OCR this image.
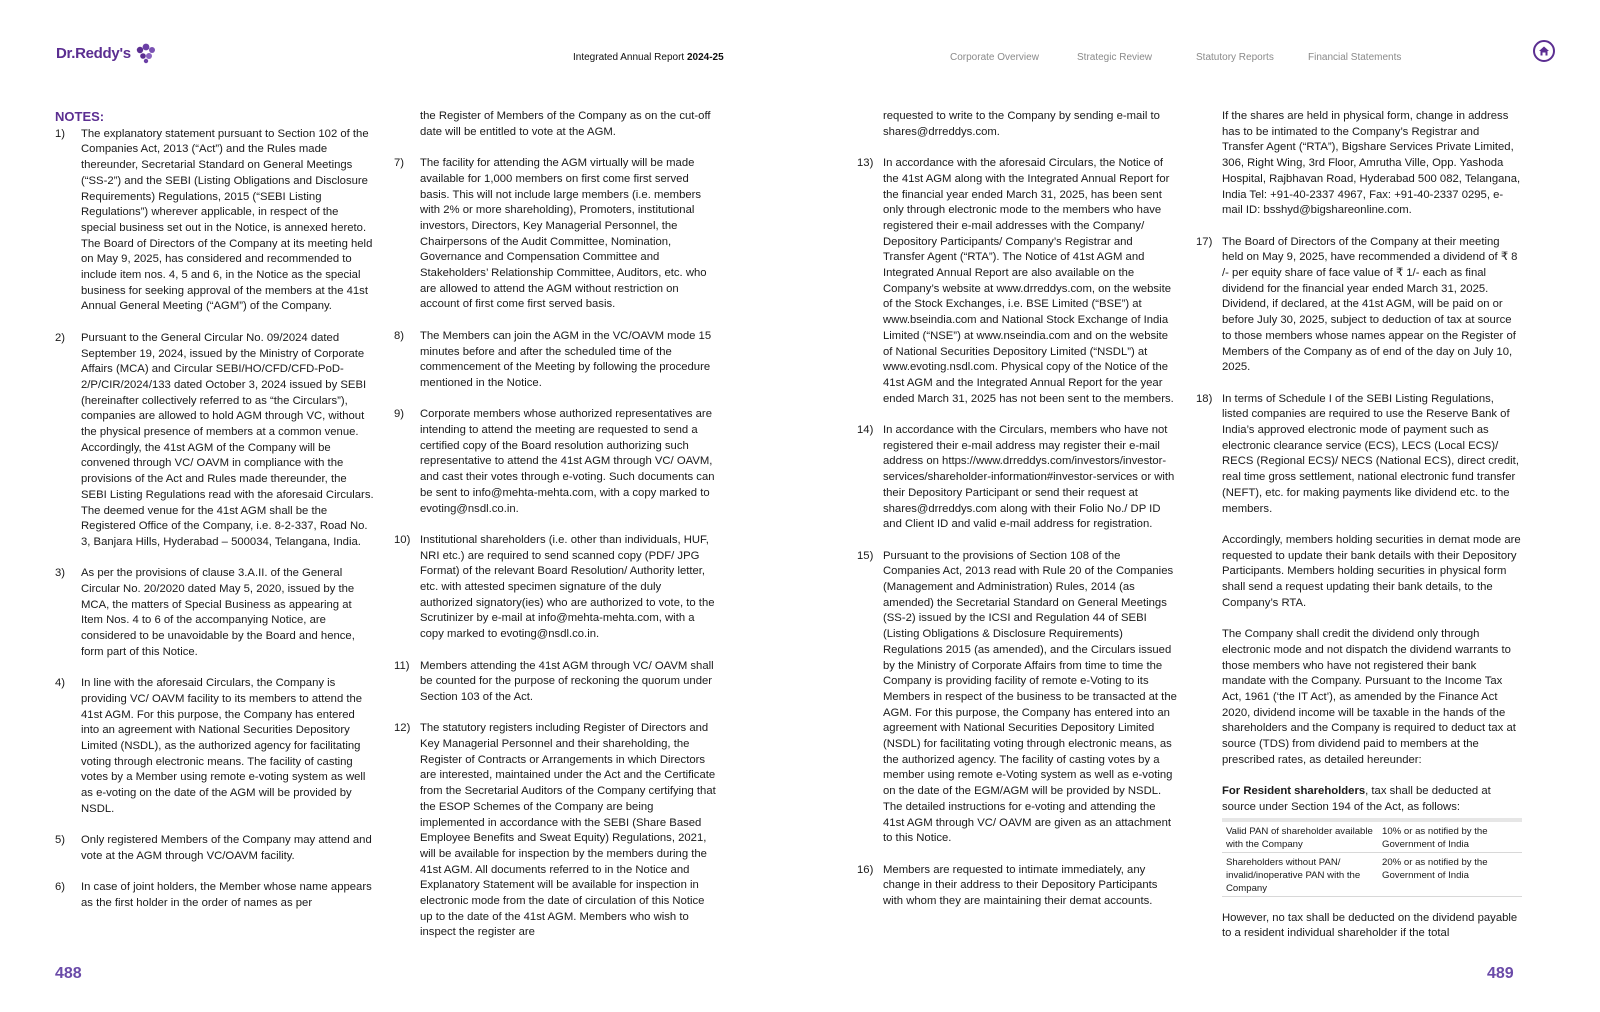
Dr.Reddy's	Integrated Annual Report 2024-25	Corporate Overview	Strategic Review	Statutory Reports	Financial Statements
NOTES:
1) The explanatory statement pursuant to Section 102 of the Companies Act, 2013 (“Act”) and the Rules made thereunder, Secretarial Standard on General Meetings (“SS-2”) and the SEBI (Listing Obligations and Disclosure Requirements) Regulations, 2015 (“SEBI Listing Regulations”) wherever applicable, in respect of the special business set out in the Notice, is annexed hereto. The Board of Directors of the Company at its meeting held on May 9, 2025, has considered and recommended to include item nos. 4, 5 and 6, in the Notice as the special business for seeking approval of the members at the 41st Annual General Meeting (“AGM”) of the Company.
2) Pursuant to the General Circular No. 09/2024 dated September 19, 2024, issued by the Ministry of Corporate Affairs (MCA) and Circular SEBI/HO/CFD/CFD-PoD-2/P/CIR/2024/133 dated October 3, 2024 issued by SEBI (hereinafter collectively referred to as “the Circulars”), companies are allowed to hold AGM through VC, without the physical presence of members at a common venue. Accordingly, the 41st AGM of the Company will be convened through VC/ OAVM in compliance with the provisions of the Act and Rules made thereunder, the SEBI Listing Regulations read with the aforesaid Circulars. The deemed venue for the 41st AGM shall be the Registered Office of the Company, i.e. 8-2-337, Road No. 3, Banjara Hills, Hyderabad – 500034, Telangana, India.
3) As per the provisions of clause 3.A.II. of the General Circular No. 20/2020 dated May 5, 2020, issued by the MCA, the matters of Special Business as appearing at Item Nos. 4 to 6 of the accompanying Notice, are considered to be unavoidable by the Board and hence, form part of this Notice.
4) In line with the aforesaid Circulars, the Company is providing VC/ OAVM facility to its members to attend the 41st AGM. For this purpose, the Company has entered into an agreement with National Securities Depository Limited (NSDL), as the authorized agency for facilitating voting through electronic means. The facility of casting votes by a Member using remote e-voting system as well as e-voting on the date of the AGM will be provided by NSDL.
5) Only registered Members of the Company may attend and vote at the AGM through VC/OAVM facility.
6) In case of joint holders, the Member whose name appears as the first holder in the order of names as per
the Register of Members of the Company as on the cut-off date will be entitled to vote at the AGM.
7) The facility for attending the AGM virtually will be made available for 1,000 members on first come first served basis. This will not include large members (i.e. members with 2% or more shareholding), Promoters, institutional investors, Directors, Key Managerial Personnel, the Chairpersons of the Audit Committee, Nomination, Governance and Compensation Committee and Stakeholders’ Relationship Committee, Auditors, etc. who are allowed to attend the AGM without restriction on account of first come first served basis.
8) The Members can join the AGM in the VC/OAVM mode 15 minutes before and after the scheduled time of the commencement of the Meeting by following the procedure mentioned in the Notice.
9) Corporate members whose authorized representatives are intending to attend the meeting are requested to send a certified copy of the Board resolution authorizing such representative to attend the 41st AGM through VC/ OAVM, and cast their votes through e-voting. Such documents can be sent to info@mehta-mehta.com, with a copy marked to evoting@nsdl.co.in.
10) Institutional shareholders (i.e. other than individuals, HUF, NRI etc.) are required to send scanned copy (PDF/ JPG Format) of the relevant Board Resolution/ Authority letter, etc. with attested specimen signature of the duly authorized signatory(ies) who are authorized to vote, to the Scrutinizer by e-mail at info@mehta-mehta.com, with a copy marked to evoting@nsdl.co.in.
11) Members attending the 41st AGM through VC/ OAVM shall be counted for the purpose of reckoning the quorum under Section 103 of the Act.
12) The statutory registers including Register of Directors and Key Managerial Personnel and their shareholding, the Register of Contracts or Arrangements in which Directors are interested, maintained under the Act and the Certificate from the Secretarial Auditors of the Company certifying that the ESOP Schemes of the Company are being implemented in accordance with the SEBI (Share Based Employee Benefits and Sweat Equity) Regulations, 2021, will be available for inspection by the members during the 41st AGM. All documents referred to in the Notice and Explanatory Statement will be available for inspection in electronic mode from the date of circulation of this Notice up to the date of the 41st AGM. Members who wish to inspect the register are
requested to write to the Company by sending e-mail to shares@drreddys.com.
13) In accordance with the aforesaid Circulars, the Notice of the 41st AGM along with the Integrated Annual Report for the financial year ended March 31, 2025, has been sent only through electronic mode to the members who have registered their e-mail addresses with the Company/ Depository Participants/ Company’s Registrar and Transfer Agent (“RTA”). The Notice of 41st AGM and Integrated Annual Report are also available on the Company’s website at www.drreddys.com, on the website of the Stock Exchanges, i.e. BSE Limited (“BSE”) at www.bseindia.com and National Stock Exchange of India Limited (“NSE”) at www.nseindia.com and on the website of National Securities Depository Limited (“NSDL”) at www.evoting.nsdl.com. Physical copy of the Notice of the 41st AGM and the Integrated Annual Report for the year ended March 31, 2025 has not been sent to the members.
14) In accordance with the Circulars, members who have not registered their e-mail address may register their e-mail address on https://www.drreddys.com/investors/investor-services/shareholder-information#investor-services or with their Depository Participant or send their request at shares@drreddys.com along with their Folio No./ DP ID and Client ID and valid e-mail address for registration.
15) Pursuant to the provisions of Section 108 of the Companies Act, 2013 read with Rule 20 of the Companies (Management and Administration) Rules, 2014 (as amended) the Secretarial Standard on General Meetings (SS-2) issued by the ICSI and Regulation 44 of SEBI (Listing Obligations & Disclosure Requirements) Regulations 2015 (as amended), and the Circulars issued by the Ministry of Corporate Affairs from time to time the Company is providing facility of remote e-Voting to its Members in respect of the business to be transacted at the AGM. For this purpose, the Company has entered into an agreement with National Securities Depository Limited (NSDL) for facilitating voting through electronic means, as the authorized agency. The facility of casting votes by a member using remote e-Voting system as well as e-voting on the date of the EGM/AGM will be provided by NSDL. The detailed instructions for e-voting and attending the 41st AGM through VC/ OAVM are given as an attachment to this Notice.
16) Members are requested to intimate immediately, any change in their address to their Depository Participants with whom they are maintaining their demat accounts.
If the shares are held in physical form, change in address has to be intimated to the Company’s Registrar and Transfer Agent (“RTA”), Bigshare Services Private Limited, 306, Right Wing, 3rd Floor, Amrutha Ville, Opp. Yashoda Hospital, Rajbhavan Road, Hyderabad 500 082, Telangana, India Tel: +91-40-2337 4967, Fax: +91-40-2337 0295, e-mail ID: bsshyd@bigshareonline.com.
17) The Board of Directors of the Company at their meeting held on May 9, 2025, have recommended a dividend of ₹ 8 /- per equity share of face value of ₹ 1/- each as final dividend for the financial year ended March 31, 2025. Dividend, if declared, at the 41st AGM, will be paid on or before July 30, 2025, subject to deduction of tax at source to those members whose names appear on the Register of Members of the Company as of end of the day on July 10, 2025.
18) In terms of Schedule I of the SEBI Listing Regulations, listed companies are required to use the Reserve Bank of India’s approved electronic mode of payment such as electronic clearance service (ECS), LECS (Local ECS)/ RECS (Regional ECS)/ NECS (National ECS), direct credit, real time gross settlement, national electronic fund transfer (NEFT), etc. for making payments like dividend etc. to the members.
Accordingly, members holding securities in demat mode are requested to update their bank details with their Depository Participants. Members holding securities in physical form shall send a request updating their bank details, to the Company’s RTA.
The Company shall credit the dividend only through electronic mode and not dispatch the dividend warrants to those members who have not registered their bank mandate with the Company. Pursuant to the Income Tax Act, 1961 (‘the IT Act’), as amended by the Finance Act 2020, dividend income will be taxable in the hands of the shareholders and the Company is required to deduct tax at source (TDS) from dividend paid to members at the prescribed rates, as detailed hereunder:
For Resident shareholders, tax shall be deducted at source under Section 194 of the Act, as follows:
Valid PAN of shareholder available with the Company	10% or as notified by the Government of India
Shareholders without PAN/ invalid/inoperative PAN with the Company	20% or as notified by the Government of India
However, no tax shall be deducted on the dividend payable to a resident individual shareholder if the total
488	489
